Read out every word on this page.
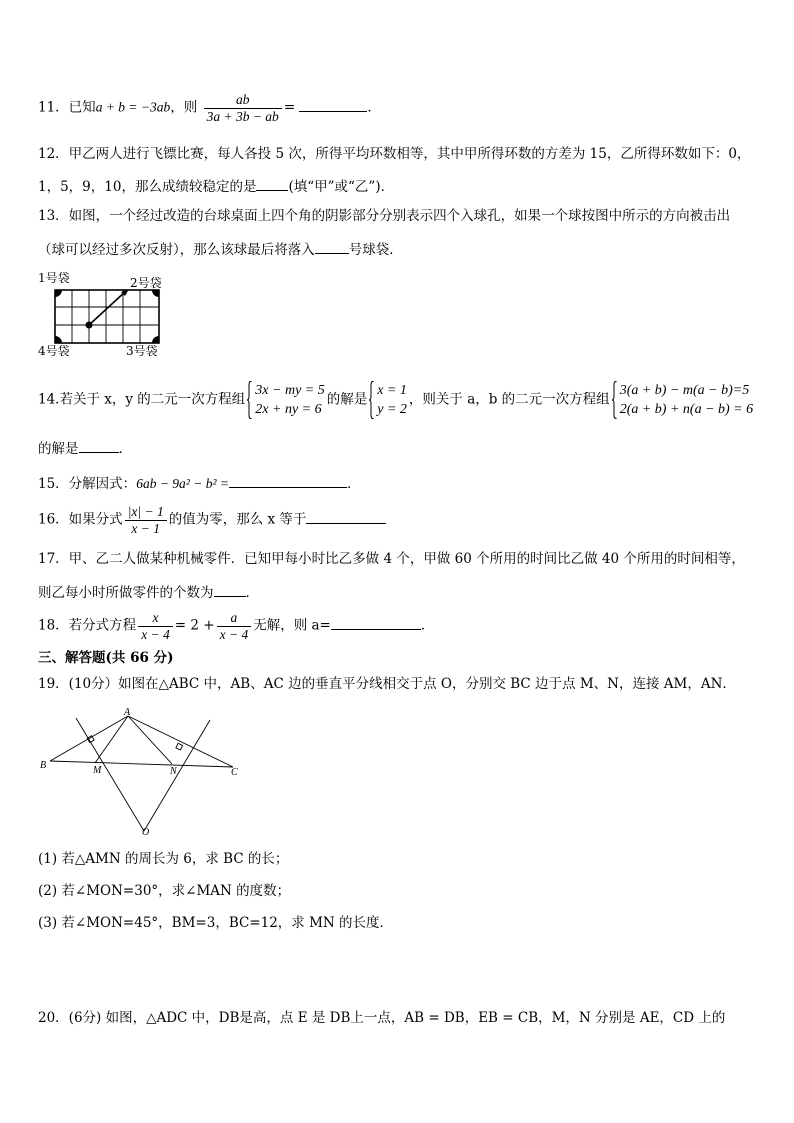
11．已知a + b = −3ab，则 $\frac{ab}{3a + 3b - ab}$ =	．
12．甲乙两人进行飞镖比赛，每人各投 5 次，所得平均环数相等，其中甲所得环数的方差为 15，乙所得环数如下：0，
1，5，9，10，那么成绩较稳定的是 (填“甲”或“乙”)．
13．如图，一个经过改造的台球桌面上四个角的阴影部分分别表示四个入球孔，如果一个球按图中所示的方向被击出
（球可以经过多次反射），那么该球最后将落入	号球袋．
1号袋	2号袋
4号袋	3号袋
14.若关于 x，y 的二元一次方程组
3x − my = 5
2x + ny = 6
的解是
x = 1
y = 2
，则关于 a，b 的二元一次方程组
3(a + b) − m(a − b)=5
2(a + b) + n(a − b) = 6
的解是	．
15．分解因式：6ab − 9a² − b² =	．
16．如果分式 $\frac{|x| - 1}{x - 1}$ 的值为零，那么 x 等于
17．甲、乙二人做某种机械零件．已知甲每小时比乙多做 4 个，甲做 60 个所用的时间比乙做 40 个所用的时间相等，
则乙每小时所做零件的个数为 ．
18．若分式方程 $\frac{x}{x - 4} = 2 + \frac{a}{x - 4}$ 无解，则 a=	．
三、解答题(共 66 分)
19．(10分）如图在△ABC 中，AB、AC 边的垂直平分线相交于点 O，分别交 BC 边于点 M、N，连接 AM，AN．
A
B	M	N	C
O
(1) 若△AMN 的周长为 6，求 BC 的长；
(2) 若∠MON=30°，求∠MAN 的度数；
(3) 若∠MON=45°，BM=3，BC=12，求 MN 的长度．
20．(6分) 如图，△ADC 中，DB是高，点 E 是 DB上一点，AB = DB，EB = CB，M，N 分别是 AE，CD 上的
